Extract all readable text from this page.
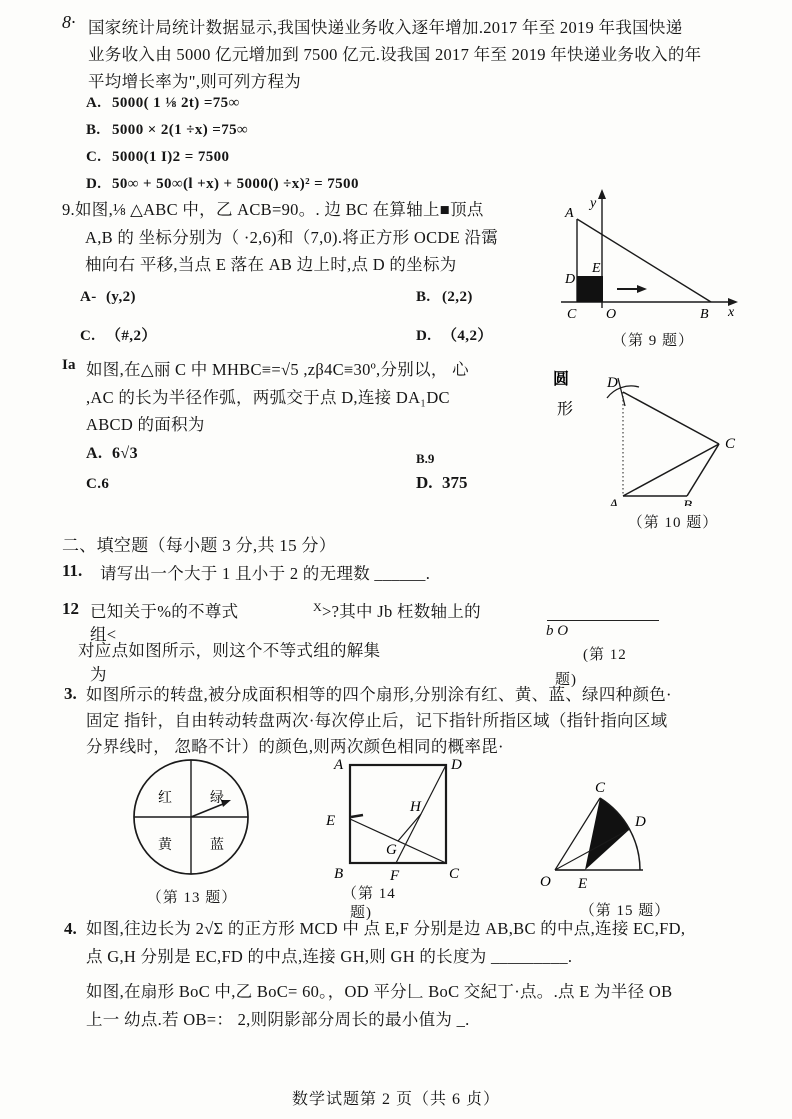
8· 国家统计局统计数据显示,我国快递业务收入逐年增加.2017 年至 2019 年我国快递
业务收入由 5000 亿元增加到 7500 亿元.设我国 2017 年至 2019 年快递业务收入的年
平均增长率为",则可列方程为
A. 5000( 1 ⅛ 2t) =75∞
B. 5000 × 2(1 ÷x) =75∞
C. 5000(1 I)2 = 7500
D. 50∞ + 50∞(l +x) + 5000() ÷x)² = 7500
9.如图,⅛ △ABC 中，乙 ACB=90。. 边 BC 在算轴上■顶点
A,B 的 坐标分别为（ ·2,6)和（7,0).将正方形 OCDE 沿霭
柚向右 平移,当点 E 落在 AB 边上时,点 D 的坐标为
A- (y,2)	B. (2,2)
C. （#,2）	D. （4,2）
y
x
A
D
E
C O	B
（第 9 题）
Ia 如图,在△丽 C 中 MHBC≡=√5 ,zβ4C≡30º,分别以， 心
,AC 的长为半径作弧，两弧交于点 D,连接 DA₁DC
ABCD 的面积为
A. 6√3	B.9
C.6	D. 375
圆
形
D
C
A	B
（第 10 题）
二、填空题（每小题 3 分,共 15 分）
11. 请写出一个大于 1 且小于 2 的无理数 ______.
12 已知关于%的不尊式	$^X$>?其中 Jb 枉数轴上的
组<
对应点如图所示，则这个不等式组的解集
为
b O
(第 12
题)
3. 如图所示的转盘,被分成面积相等的四个扇形,分别涂有红、黄、蓝、绿四种颜色·
固定 指针，自由转动转盘两次·每次停止后，记下指针所指区域（指针指向区域
分界线时， 忽略不计）的颜色,则两次颜色相同的概率毘·
红	绿
黄	蓝
（第 13 题）
A	D
E
H
G
B	F	C
（第 14
题)
C
D
O E
（第 15 题）
4. 如图,往边长为 2√Σ 的正方形 MCD 中 点 E,F 分别是边 AB,BC 的中点,连接 EC,FD,
点 G,H 分别是 EC,FD 的中点,连接 GH,则 GH 的长度为 _________.
如图,在扇形 BoC 中,乙 BoC= 60。，OD 平分𠃊 BoC 交紀丁·点。.点 E 为半径 OB
上一 幼点.若 OB=： 2,则阴影部分周长的最小值为 _.
数学试题第 2 页（共 6 贞）
